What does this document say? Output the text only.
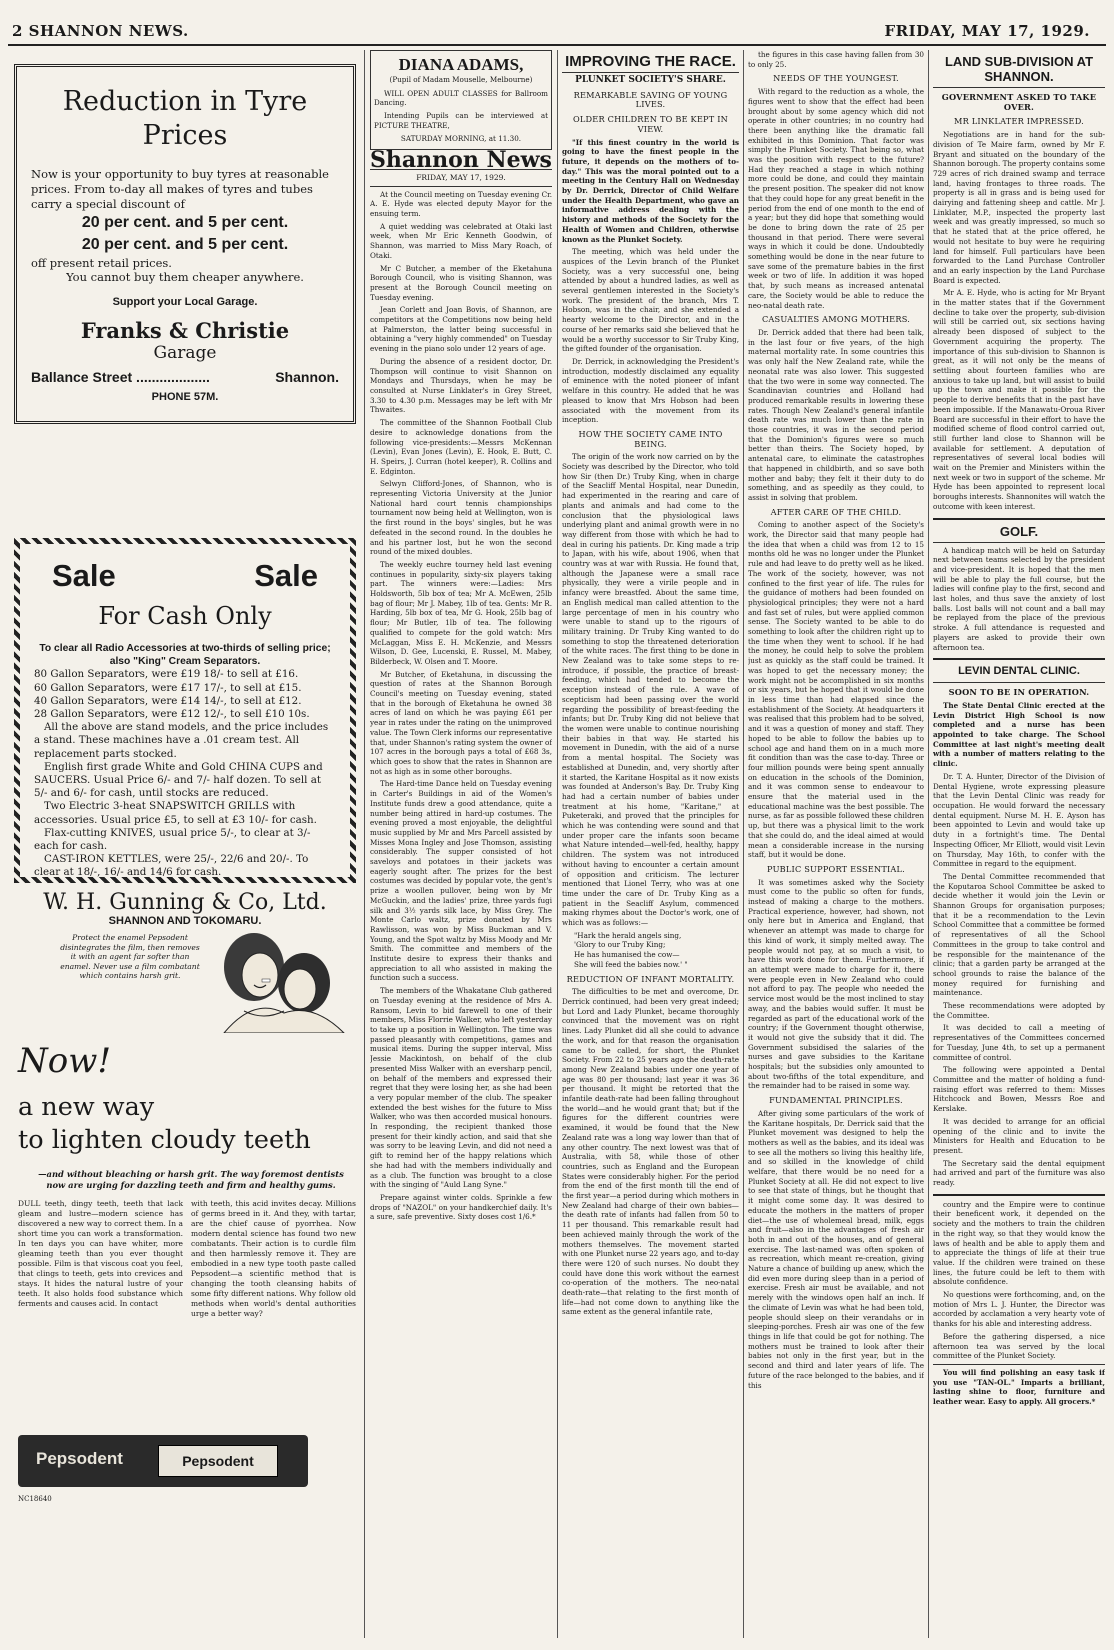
2 SHANNON NEWS.	FRIDAY, MAY 17, 1929.
Reduction in Tyre Prices
Now is your opportunity to buy tyres at reasonable prices. From to-day all makes of tyres and tubes carry a special discount of
20 per cent. and 5 per cent.
20 per cent. and 5 per cent.
off present retail prices.
You cannot buy them cheaper anywhere.
Support your Local Garage.
Franks & Christie
Garage
Ballance Street ...................	Shannon.
PHONE 57M.
Sale	Sale
For Cash Only
To clear all Radio Accessories at two-thirds of selling price; also "King" Cream Separators.
80 Gallon Separators, were £19 18/- to sell at £16.
60 Gallon Separators, were £17 17/-, to sell at £15.
40 Gallon Separators, were £14 14/-, to sell at £12.
28 Gallon Separators, were £12 12/-, to sell £10 10s.
All the above are stand models, and the price includes a stand. These machines have a .01 cream test. All replacement parts stocked.
English first grade White and Gold CHINA CUPS and SAUCERS. Usual Price 6/- and 7/- half dozen. To sell at 5/- and 6/- for cash, until stocks are reduced.
Two Electric 3-heat SNAPSWITCH GRILLS with accessories. Usual price £5, to sell at £3 10/- for cash.
Flax-cutting KNIVES, usual price 5/-, to clear at 3/- each for cash.
CAST-IRON KETTLES, were 25/-, 22/6 and 20/-. To clear at 18/-, 16/- and 14/6 for cash.
W. H. Gunning & Co, Ltd.
SHANNON AND TOKOMARU.
Protect the enamel Pepsodent disintegrates the film, then removes it with an agent far softer than enamel. Never use a film combatant which contains harsh grit.
Now!
a new way
to lighten cloudy teeth
—and without bleaching or harsh grit. The way foremost dentists now are urging for dazzling teeth and firm and healthy gums.
DULL teeth, dingy teeth, teeth that lack gleam and lustre—modern science has discovered a new way to correct them. In a short time you can work a transformation. In ten days you can have whiter, more gleaming teeth than you ever thought possible. Film is that viscous coat you feel, that clings to teeth, gets into crevices and stays. It hides the natural lustre of your teeth. It also holds food substance which ferments and causes acid. In contact
with teeth, this acid invites decay. Millions of germs breed in it. And they, with tartar, are the chief cause of pyorrhea. Now modern dental science has found two new combatants. Their action is to curdle film and then harmlessly remove it. They are embodied in a new type tooth paste called Pepsodent—a scientific method that is changing the tooth cleansing habits of some fifty different nations. Why follow old methods when world's dental authorities urge a better way?
Pepsodent	Pepsodent
NC18640
DIANA ADAMS,
(Pupil of Madam Mouselle, Melbourne)

WILL OPEN ADULT CLASSES for Ballroom Dancing.

Intending Pupils can be interviewed at PICTURE THEATRE,

SATURDAY MORNING, at 11.30.
Shannon News
FRIDAY, MAY 17, 1929.

At the Council meeting on Tuesday evening Cr. A. E. Hyde was elected deputy Mayor for the ensuing term.

A quiet wedding was celebrated at Otaki last week, when Mr Eric Kenneth Goodwin, of Shannon, was married to Miss Mary Roach, of Otaki.

Mr C Butcher, a member of the Eketahuna Borough Council, who is visiting Shannon, was present at the Borough Council meeting on Tuesday evening.

Jean Corlett and Joan Bovis, of Shannon, are competitors at the Competitions now being held at Palmerston, the latter being successful in obtaining a "very highly commended" on Tuesday evening in the piano solo under 12 years of age.

During the absence of a resident doctor, Dr. Thompson will continue to visit Shannon on Mondays and Thursdays, when he may be consulted at Nurse Linklater's in Grey Street, 3.30 to 4.30 p.m. Messages may be left with Mr Thwaites.

The committee of the Shannon Football Club desire to acknowledge donations from the following vice-presidents:—Messrs McKennan (Levin), Evan Jones (Levin), E. Hook, E. Butt, C. H. Speirs, J. Curran (hotel keeper), R. Collins and E. Edginton.

Selwyn Clifford-Jones, of Shannon, who is representing Victoria University at the Junior National hard court tennis championships tournament now being held at Wellington, won is the first round in the boys' singles, but he was defeated in the second round. In the doubles he and his partner lost, but he won the second round of the mixed doubles.

The weekly euchre tourney held last evening continues in popularity, sixty-six players taking part. The winners were:—Ladies: Mrs Holdsworth, 5lb box of tea; Mr A. McEwen, 25lb bag of flour; Mr J. Mabey, 1lb of tea. Gents: Mr R. Harding, 5lb box of tea, Mr G. Hook, 25lb bag of flour; Mr Butler, 1lb of tea. The following qualified to compete for the gold watch: Mrs McLaggan, Miss E. H. McKenzie, and Messrs Wilson, D. Gee, Lucenski, E. Russel, M. Mabey, Bilderbeck, W. Olsen and T. Moore.

Mr Butcher, of Eketahuna, in discussing the question of rates at the Shannon Borough Council's meeting on Tuesday evening, stated that in the borough of Eketahuna he owned 38 acres of land on which he was paying £61 per year in rates under the rating on the unimproved value. The Town Clerk informs our representative that, under Shannon's rating system the owner of 107 acres in the borough pays a total of £68 3s, which goes to show that the rates in Shannon are not as high as in some other boroughs.

The Hard-time Dance held on Tuesday evening in Carter's Buildings in aid of the Women's Institute funds drew a good attendance, quite a number being attired in hard-up costumes. The evening proved a most enjoyable, the delightful music supplied by Mr and Mrs Parcell assisted by Misses Mona Ingley and Jose Thomson, assisting considerably. The supper consisted of hot saveloys and potatoes in their jackets was eagerly sought after. The prizes for the best costumes was decided by popular vote, the gent's prize a woollen pullover, being won by Mr McGuckin, and the ladies' prize, three yards fugi silk and 3½ yards silk lace, by Miss Grey. The Monte Carlo waltz, prize donated by Mrs Rawlisson, was won by Miss Buckman and V. Young, and the Spot waltz by Miss Moody and Mr Smith. The committee and members of the Institute desire to express their thanks and appreciation to all who assisted in making the function such a success.

The members of the Whakatane Club gathered on Tuesday evening at the residence of Mrs A. Ransom, Levin to bid farewell to one of their members, Miss Florrie Walker, who left yesterday to take up a position in Wellington. The time was passed pleasantly with competitions, games and musical items. During the supper interval, Miss Jessie Mackintosh, on behalf of the club presented Miss Walker with an eversharp pencil, on behalf of the members and expressed their regret that they were losing her, as she had been a very popular member of the club. The speaker extended the best wishes for the future to Miss Walker, who was then accorded musical honours. In responding, the recipient thanked those present for their kindly action, and said that she was sorry to be leaving Levin, and did not need a gift to remind her of the happy relations which she had had with the members individually and as a club. The function was brought to a close with the singing of "Auld Lang Syne."

Prepare against winter colds. Sprinkle a few drops of "NAZOL" on your handkerchief daily. It's a sure, safe preventive. Sixty doses cost 1/6.*

IMPROVING THE RACE.
PLUNKET SOCIETY'S SHARE.
REMARKABLE SAVING OF YOUNG LIVES.
OLDER CHILDREN TO BE KEPT IN VIEW.

"If this finest country in the world is going to have the finest people in the future, it depends on the mothers of to-day." This was the moral pointed out to a meeting in the Century Hall on Wednesday by Dr. Derrick, Director of Child Welfare under the Health Department, who gave an informative address dealing with the history and methods of the Society for the Health of Women and Children, otherwise known as the Plunket Society.

The meeting, which was held under the auspices of the Levin branch of the Plunket Society, was a very successful one, being attended by about a hundred ladies, as well as several gentlemen interested in the Society's work. The president of the branch, Mrs T. Hobson, was in the chair, and she extended a hearty welcome to the Director, and in the course of her remarks said she believed that he would be a worthy successor to Sir Truby King, the gifted founder of the organisation.

Dr. Derrick, in acknowledging the President's introduction, modestly disclaimed any equality of eminence with the noted pioneer of infant welfare in this country. He added that he was pleased to know that Mrs Hobson had been associated with the movement from its inception.

HOW THE SOCIETY CAME INTO BEING.

The origin of the work now carried on by the Society was described by the Director, who told how Sir (then Dr.) Truby King, when in charge of the Seacliff Mental Hospital, near Dunedin, had experimented in the rearing and care of plants and animals and had come to the conclusion that the physiological laws underlying plant and animal growth were in no way different from those with which he had to deal in curing his patients. Dr. King made a trip to Japan, with his wife, about 1906, when that country was at war with Russia. He found that, although the Japanese were a small race physically, they were a virile people and in infancy were breastfed. About the same time, an English medical man called attention to the large percentage of men in his country who were unable to stand up to the rigours of military training. Dr Truby King wanted to do something to stop the threatened deterioration of the white races. The first thing to be done in New Zealand was to take some steps to re-introduce, if possible, the practice of breast-feeding, which had tended to become the exception instead of the rule. A wave of scepticism had been passing over the world regarding the possibility of breast-feeding the infants; but Dr. Truby King did not believe that the women were unable to continue nourishing their babies in that way. He started his movement in Dunedin, with the aid of a nurse from a mental hospital. The Society was established at Dunedin, and, very shortly after it started, the Karitane Hospital as it now exists was founded at Anderson's Bay. Dr. Truby King had had a certain number of babies under treatment at his home, "Karitane," at Puketeraki, and proved that the principles for which he was contending were sound and that under proper care the infants soon became what Nature intended—well-fed, healthy, happy children. The system was not introduced without having to encounter a certain amount of opposition and criticism. The lecturer mentioned that Lionel Terry, who was at one time under the care of Dr. Truby King as a patient in the Seacliff Asylum, commenced making rhymes about the Doctor's work, one of which was as follows:—

"Hark the herald angels sing,
'Glory to our Truby King;
He has humanised the cow—
She will feed the babies now.' "
REDUCTION OF INFANT MORTALITY.

The difficulties to be met and overcome, Dr. Derrick continued, had been very great indeed; but Lord and Lady Plunket, became thoroughly convinced that the movement was on right lines. Lady Plunket did all she could to advance the work, and for that reason the organisation came to be called, for short, the Plunket Society. From 22 to 25 years ago the death-rate among New Zealand babies under one year of age was 80 per thousand; last year it was 36 per thousand. It might be retorted that the infantile death-rate had been falling throughout the world—and he would grant that; but if the figures for the different countries were examined, it would be found that the New Zealand rate was a long way lower than that of any other country. The next lowest was that of Australia, with 58, while those of other countries, such as England and the European States were considerably higher. For the period from the end of the first month till the end of the first year—a period during which mothers in New Zealand had charge of their own babies—the death rate of infants had fallen from 50 to 11 per thousand. This remarkable result had been achieved mainly through the work of the mothers themselves. The movement started with one Plunket nurse 22 years ago, and to-day there were 120 of such nurses. No doubt they could have done this work without the earnest co-operation of the mothers. The neo-natal death-rate—that relating to the first month of life—had not come down to anything like the same extent as the general infantile rate,

the figures in this case having fallen from 30 to only 25.

NEEDS OF THE YOUNGEST.

With regard to the reduction as a whole, the figures went to show that the effect had been brought about by some agency which did not operate in other countries; in no country had there been anything like the dramatic fall exhibited in this Dominion. That factor was simply the Plunket Society. That being so, what was the position with respect to the future? Had they reached a stage in which nothing more could be done, and could they maintain the present position. The speaker did not know that they could hope for any great benefit in the period from the end of one month to the end of a year; but they did hope that something would be done to bring down the rate of 25 per thousand in that period. There were several ways in which it could be done. Undoubtedly something would be done in the near future to save some of the premature babies in the first week or two of life. In addition it was hoped that, by such means as increased antenatal care, the Society would be able to reduce the neo-natal death rate.

CASUALTIES AMONG MOTHERS.

Dr. Derrick added that there had been talk, in the last four or five years, of the high maternal mortality rate. In some countries this was only half the New Zealand rate, while the neonatal rate was also lower. This suggested that the two were in some way connected. The Scandinavian countries and Holland had produced remarkable results in lowering these rates. Though New Zealand's general infantile death rate was much lower than the rate in those countries, it was in the second period that the Dominion's figures were so much better than theirs. The Society hoped, by antenatal care, to eliminate the catastrophes that happened in childbirth, and so save both mother and baby; they felt it their duty to do something, and as speedily as they could, to assist in solving that problem.

AFTER CARE OF THE CHILD.

Coming to another aspect of the Society's work, the Director said that many people had the idea that when a child was from 12 to 15 months old he was no longer under the Plunket rule and had leave to do pretty well as he liked. The work of the society, however, was not confined to the first year of life. The rules for the guidance of mothers had been founded on physiological principles; they were not a hard and fast set of rules, but were applied common sense. The Society wanted to be able to do something to look after the children right up to the time when they went to school. If he had the money, he could help to solve the problem just as quickly as the staff could be trained. It was hoped to get the necessary money; the work might not be accomplished in six months or six years, but he hoped that it would be done in less time than had elapsed since the establishment of the Society. At headquarters it was realised that this problem had to be solved, and it was a question of money and staff. They hoped to be able to follow the babies up to school age and hand them on in a much more fit condition than was the case to-day. Three or four million pounds were being spent annually on education in the schools of the Dominion, and it was common sense to endeavour to ensure that the material used in the educational machine was the best possible. The nurse, as far as possible followed these children up, but there was a physical limit to the work that she could do, and the ideal aimed at would mean a considerable increase in the nursing staff, but it would be done.

PUBLIC SUPPORT ESSENTIAL.

It was sometimes asked why the Society must come to the public so often for funds, instead of making a charge to the mothers. Practical experience, however, had shown, not only here but in America and England, that whenever an attempt was made to charge for this kind of work, it simply melted away. The people would not pay, at so much a visit, to have this work done for them. Furthermore, if an attempt were made to charge for it, there were people even in New Zealand who could not afford to pay. The people who needed the service most would be the most inclined to stay away, and the babies would suffer. It must be regarded as part of the educational work of the country; if the Government thought otherwise, it would not give the subsidy that it did. The Government subsidised the salaries of the nurses and gave subsidies to the Karitane hospitals; but the subsidies only amounted to about two-fifths of the total expenditure, and the remainder had to be raised in some way.

FUNDAMENTAL PRINCIPLES.

After giving some particulars of the work of the Karitane hospitals, Dr. Derrick said that the Plunket movement was designed to help the mothers as well as the babies, and its ideal was to see all the mothers so living this healthy life, and so skilled in the knowledge of child welfare, that there would be no need for a Plunket Society at all. He did not expect to live to see that state of things, but he thought that it might come some day. It was desired to educate the mothers in the matters of proper diet—the use of wholemeal bread, milk, eggs and fruit—also in the advantages of fresh air both in and out of the houses, and of general exercise. The last-named was often spoken of as recreation, which meant re-creation, giving Nature a chance of building up anew, which the did even more during sleep than in a period of exercise. Fresh air must be available, and not merely with the windows open half an inch. If the climate of Levin was what he had been told, people should sleep on their verandahs or in sleeping-porches. Fresh air was one of the few things in life that could be got for nothing. The mothers must be trained to look after their babies not only in the first year, but in the second and third and later years of life. The future of the race belonged to the babies, and if this

LAND SUB-DIVISION AT SHANNON.
GOVERNMENT ASKED TO TAKE OVER.
MR LINKLATER IMPRESSED.

Negotiations are in hand for the sub-division of Te Maire farm, owned by Mr F. Bryant and situated on the boundary of the Shannon borough. The property contains some 729 acres of rich drained swamp and terrace land, having frontages to three roads. The property is all in grass and is being used for dairying and fattening sheep and cattle. Mr J. Linklater, M.P., inspected the property last week and was greatly impressed, so much so that he stated that at the price offered, he would not hesitate to buy were he requiring land for himself. Full particulars have been forwarded to the Land Purchase Controller and an early inspection by the Land Purchase Board is expected.

Mr A. E. Hyde, who is acting for Mr Bryant in the matter states that if the Government decline to take over the property, sub-division will still be carried out, six sections having already been disposed of subject to the Government acquiring the property. The importance of this sub-division to Shannon is great, as it will not only be the means of settling about fourteen families who are anxious to take up land, but will assist to build up the town and make it possible for the people to derive benefits that in the past have been impossible. If the Manawatu-Oroua River Board are successful in their effort to have the modified scheme of flood control carried out, still further land close to Shannon will be available for settlement. A deputation of representatives of several local bodies will wait on the Premier and Ministers within the next week or two in support of the scheme. Mr Hyde has been appointed to represent local boroughs interests. Shannonites will watch the outcome with keen interest.

GOLF.

A handicap match will be held on Saturday next between teams selected by the president and vice-president. It is hoped that the men will be able to play the full course, but the ladies will confine play to the first, second and last holes, and thus save the anxiety of lost balls. Lost balls will not count and a ball may be replayed from the place of the previous stroke. A full attendance is requested and players are asked to provide their own afternoon tea.

LEVIN DENTAL CLINIC.
SOON TO BE IN OPERATION.

The State Dental Clinic erected at the Levin District High School is now completed and a nurse has been appointed to take charge. The School Committee at last night's meeting dealt with a number of matters relating to the clinic.

Dr. T. A. Hunter, Director of the Division of Dental Hygiene, wrote expressing pleasure that the Levin Dental Clinic was ready for occupation. He would forward the necessary dental equipment. Nurse M. H. E. Ayson has been appointed to Levin and would take up duty in a fortnight's time. The Dental Inspecting Officer, Mr Elliott, would visit Levin on Thursday, May 16th, to confer with the Committee in regard to the equipment.

The Dental Committee recommended that the Koputaroa School Committee be asked to decide whether it would join the Levin or Shannon Groups for organisation purposes; that it be a recommendation to the Levin School Committee that a committee be formed of representatives of all the School Committees in the group to take control and be responsible for the maintenance of the clinic; that a garden party be arranged at the school grounds to raise the balance of the money required for furnishing and maintenance.

These recommendations were adopted by the Committee.

It was decided to call a meeting of representatives of the Committees concerned for Tuesday, June 4th, to set up a permanent committee of control.

The following were appointed a Dental Committee and the matter of holding a fund-raising effort was referred to them: Misses Hitchcock and Bowen, Messrs Roe and Kerslake.

It was decided to arrange for an official opening of the clinic and to invite the Ministers for Health and Education to be present.

The Secretary said the dental equipment had arrived and part of the furniture was also ready.

country and the Empire were to continue their beneficent work, it depended on the society and the mothers to train the children in the right way, so that they would know the laws of health and be able to apply them and to appreciate the things of life at their true value. If the children were trained on these lines, the future could be left to them with absolute confidence.

No questions were forthcoming, and, on the motion of Mrs L. J. Hunter, the Director was accorded by acclamation a very hearty vote of thanks for his able and interesting address.

Before the gathering dispersed, a nice afternoon tea was served by the local committee of the Plunket Society.

You will find polishing an easy task if you use "TAN-OL." Imparts a brilliant, lasting shine to floor, furniture and leather wear. Easy to apply. All grocers.*
